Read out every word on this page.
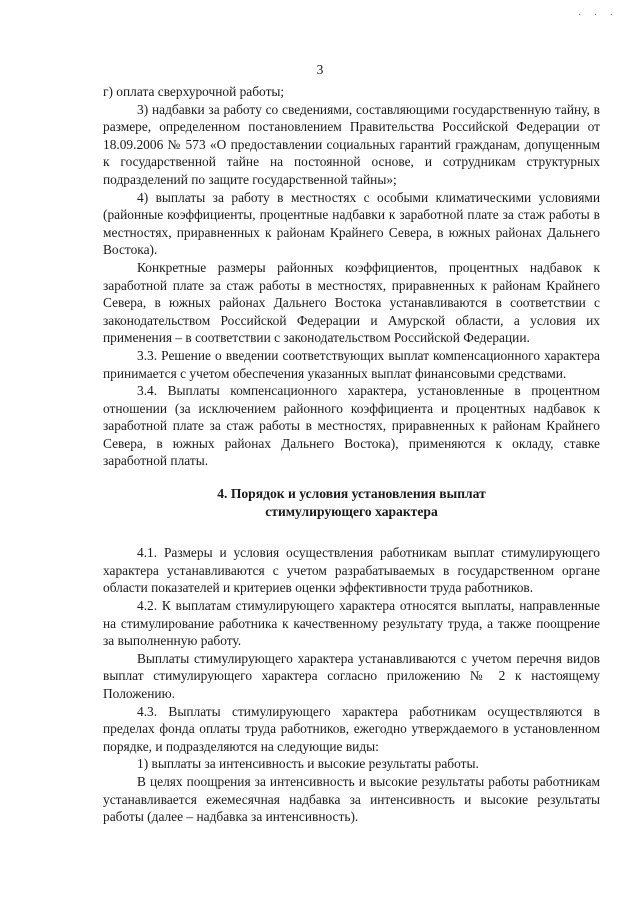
· · ·
3

г) оплата сверхурочной работы;

3) надбавки за работу со сведениями, составляющими государственную тайну, в размере, определенном постановлением Правительства Российской Федерации от 18.09.2006 № 573 «О предоставлении социальных гарантий гражданам, допущенным к государственной тайне на постоянной основе, и сотрудникам структурных подразделений по защите государственной тайны»;

4) выплаты за работу в местностях с особыми климатическими условиями (районные коэффициенты, процентные надбавки к заработной плате за стаж работы в местностях, приравненных к районам Крайнего Севера, в южных районах Дальнего Востока).

Конкретные размеры районных коэффициентов, процентных надбавок к заработной плате за стаж работы в местностях, приравненных к районам Крайнего Севера, в южных районах Дальнего Востока устанавливаются в соответствии с законодательством Российской Федерации и Амурской области, а условия их применения – в соответствии с законодательством Российской Федерации.

3.3. Решение о введении соответствующих выплат компенсационного характера принимается с учетом обеспечения указанных выплат финансовыми средствами.

3.4. Выплаты компенсационного характера, установленные в процентном отношении (за исключением районного коэффициента и процентных надбавок к заработной плате за стаж работы в местностях, приравненных к районам Крайнего Севера, в южных районах Дальнего Востока), применяются к окладу, ставке заработной платы.

4. Порядок и условия установления выплат
стимулирующего характера

4.1. Размеры и условия осуществления работникам выплат стимулирующего характера устанавливаются с учетом разрабатываемых в государственном органе области показателей и критериев оценки эффективности труда работников.

4.2. К выплатам стимулирующего характера относятся выплаты, направленные на стимулирование работника к качественному результату труда, а также поощрение за выполненную работу.

Выплаты стимулирующего характера устанавливаются с учетом перечня видов выплат стимулирующего характера согласно приложению № 2 к настоящему Положению.

4.3. Выплаты стимулирующего характера работникам осуществляются в пределах фонда оплаты труда работников, ежегодно утверждаемого в установленном порядке, и подразделяются на следующие виды:

1) выплаты за интенсивность и высокие результаты работы.

В целях поощрения за интенсивность и высокие результаты работы работникам устанавливается ежемесячная надбавка за интенсивность и высокие результаты работы (далее – надбавка за интенсивность).
